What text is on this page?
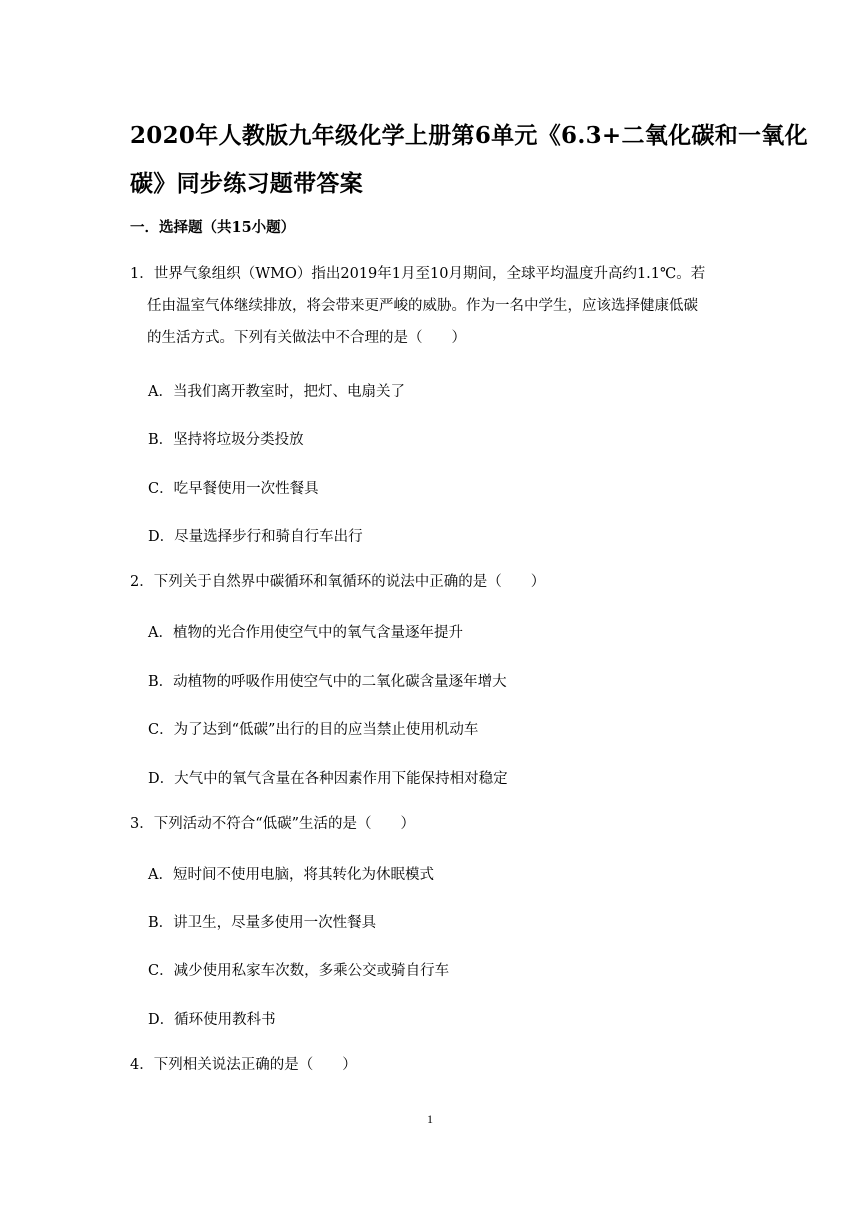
2020年人教版九年级化学上册第6单元《6.3+二氧化碳和一氧化
碳》同步练习题带答案
一．选择题（共15小题）
1．世界气象组织（WMO）指出2019年1月至10月期间，全球平均温度升高约1.1℃。若
任由温室气体继续排放，将会带来更严峻的威胁。作为一名中学生，应该选择健康低碳
的生活方式。下列有关做法中不合理的是（　　）
A．当我们离开教室时，把灯、电扇关了
B．坚持将垃圾分类投放
C．吃早餐使用一次性餐具
D．尽量选择步行和骑自行车出行
2．下列关于自然界中碳循环和氧循环的说法中正确的是（　　）
A．植物的光合作用使空气中的氧气含量逐年提升
B．动植物的呼吸作用使空气中的二氧化碳含量逐年增大
C．为了达到“低碳”出行的目的应当禁止使用机动车
D．大气中的氧气含量在各种因素作用下能保持相对稳定
3．下列活动不符合“低碳”生活的是（　　）
A．短时间不使用电脑，将其转化为休眠模式
B．讲卫生，尽量多使用一次性餐具
C．减少使用私家车次数，多乘公交或骑自行车
D．循环使用教科书
4．下列相关说法正确的是（　　）
1
